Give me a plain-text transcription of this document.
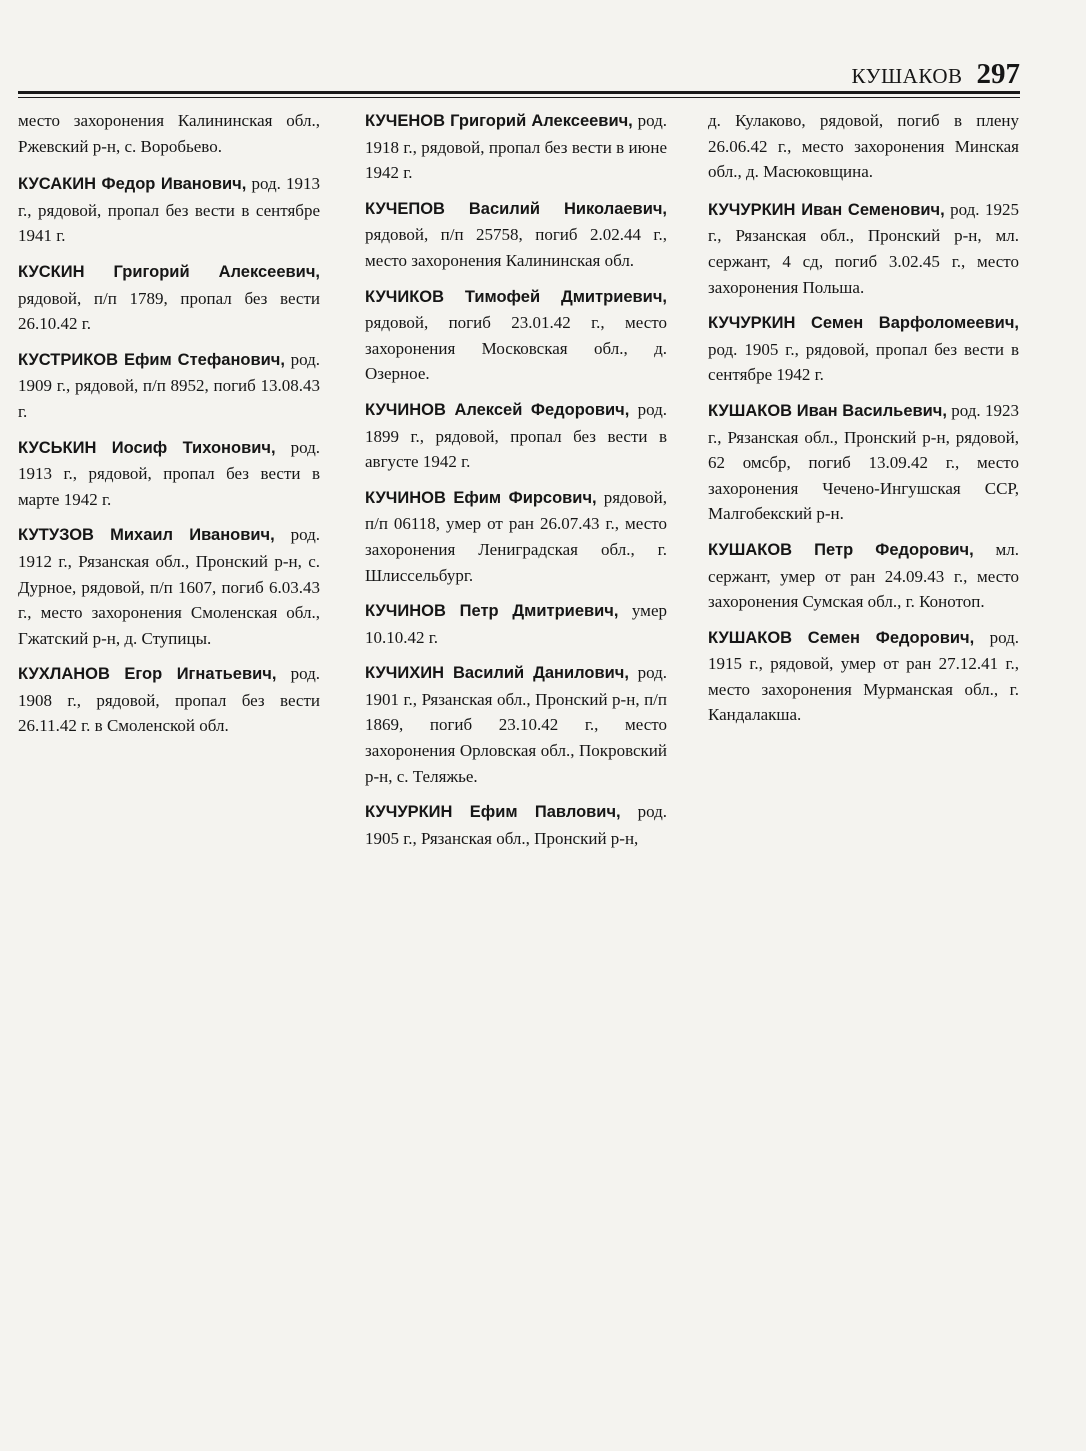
КУШАКОВ 297

место захоронения Калининская обл., Ржевский р-н, с. Воробьево.

КУСАКИН Федор Иванович, род. 1913 г., рядовой, пропал без вести в сентябре 1941 г.

КУСКИН Григорий Алексеевич, рядовой, п/п 1789, пропал без вести 26.10.42 г.

КУСТРИКОВ Ефим Стефанович, род. 1909 г., рядовой, п/п 8952, погиб 13.08.43 г.

КУСЬКИН Иосиф Тихонович, род. 1913 г., рядовой, пропал без вести в марте 1942 г.

КУТУЗОВ Михаил Иванович, род. 1912 г., Рязанская обл., Пронский р-н, с. Дурное, рядовой, п/п 1607, погиб 6.03.43 г., место захоронения Смоленская обл., Гжатский р-н, д. Ступицы.

КУХЛАНОВ Егор Игнатьевич, род. 1908 г., рядовой, пропал без вести 26.11.42 г. в Смоленской обл.

КУЧЕНОВ Григорий Алексеевич, род. 1918 г., рядовой, пропал без вести в июне 1942 г.

КУЧЕПОВ Василий Николаевич, рядовой, п/п 25758, погиб 2.02.44 г., место захоронения Калининская обл.

КУЧИКОВ Тимофей Дмитриевич, рядовой, погиб 23.01.42 г., место захоронения Московская обл., д. Озерное.

КУЧИНОВ Алексей Федорович, род. 1899 г., рядовой, пропал без вести в августе 1942 г.

КУЧИНОВ Ефим Фирсович, рядовой, п/п 06118, умер от ран 26.07.43 г., место захоронения Лениградская обл., г. Шлиссельбург.

КУЧИНОВ Петр Дмитриевич, умер 10.10.42 г.

КУЧИХИН Василий Данилович, род. 1901 г., Рязанская обл., Пронский р-н, п/п 1869, погиб 23.10.42 г., место захоронения Орловская обл., Покровский р-н, с. Теляжье.

КУЧУРКИН Ефим Павлович, род. 1905 г., Рязанская обл., Пронский р-н,

д. Кулаково, рядовой, погиб в плену 26.06.42 г., место захоронения Минская обл., д. Масюковщина.

КУЧУРКИН Иван Семенович, род. 1925 г., Рязанская обл., Пронский р-н, мл. сержант, 4 сд, погиб 3.02.45 г., место захоронения Польша.

КУЧУРКИН Семен Варфоломеевич, род. 1905 г., рядовой, пропал без вести в сентябре 1942 г.

КУШАКОВ Иван Васильевич, род. 1923 г., Рязанская обл., Пронский р-н, рядовой, 62 омсбр, погиб 13.09.42 г., место захоронения Чечено-Ингушская ССР, Малгобекский р-н.

КУШАКОВ Петр Федорович, мл. сержант, умер от ран 24.09.43 г., место захоронения Сумская обл., г. Конотоп.

КУШАКОВ Семен Федорович, род. 1915 г., рядовой, умер от ран 27.12.41 г., место захоронения Мурманская обл., г. Кандалакша.
